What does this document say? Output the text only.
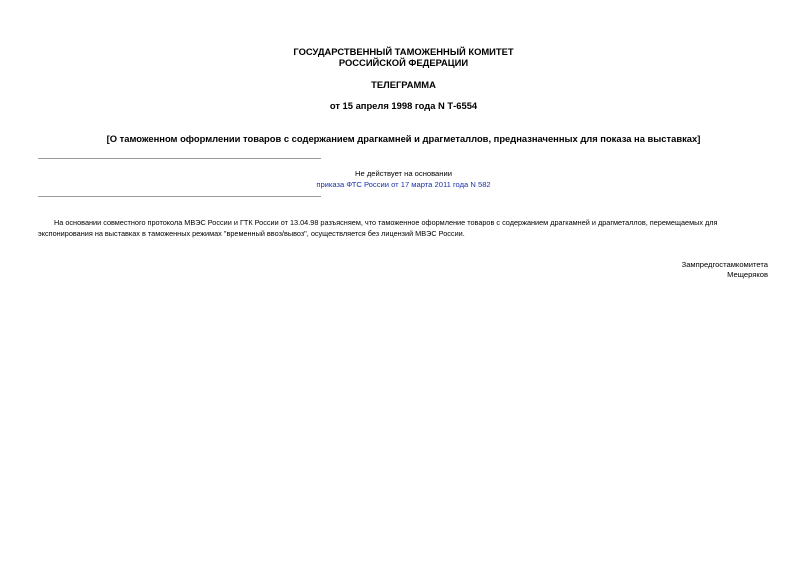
ГОСУДАРСТВЕННЫЙ ТАМОЖЕННЫЙ КОМИТЕТ
РОССИЙСКОЙ ФЕДЕРАЦИИ
ТЕЛЕГРАММА
от 15 апреля 1998 года N Т-6554
[О таможенном оформлении товаров с содержанием драгкамней и драгметаллов, предназначенных для показа на выставках]
Не действует на основании
приказа ФТС России от 17 марта 2011 года N 582

На основании совместного протокола МВЭС России и ГТК России от 13.04.98 разъясняем, что таможенное оформление товаров с содержанием драгкамней и драгметаллов, перемещаемых для экспонирования на выставках в таможенных режимах "временный ввоз/вывоз", осуществляется без лицензий МВЭС России.

Зампредгостамкомитета
Мещеряков
